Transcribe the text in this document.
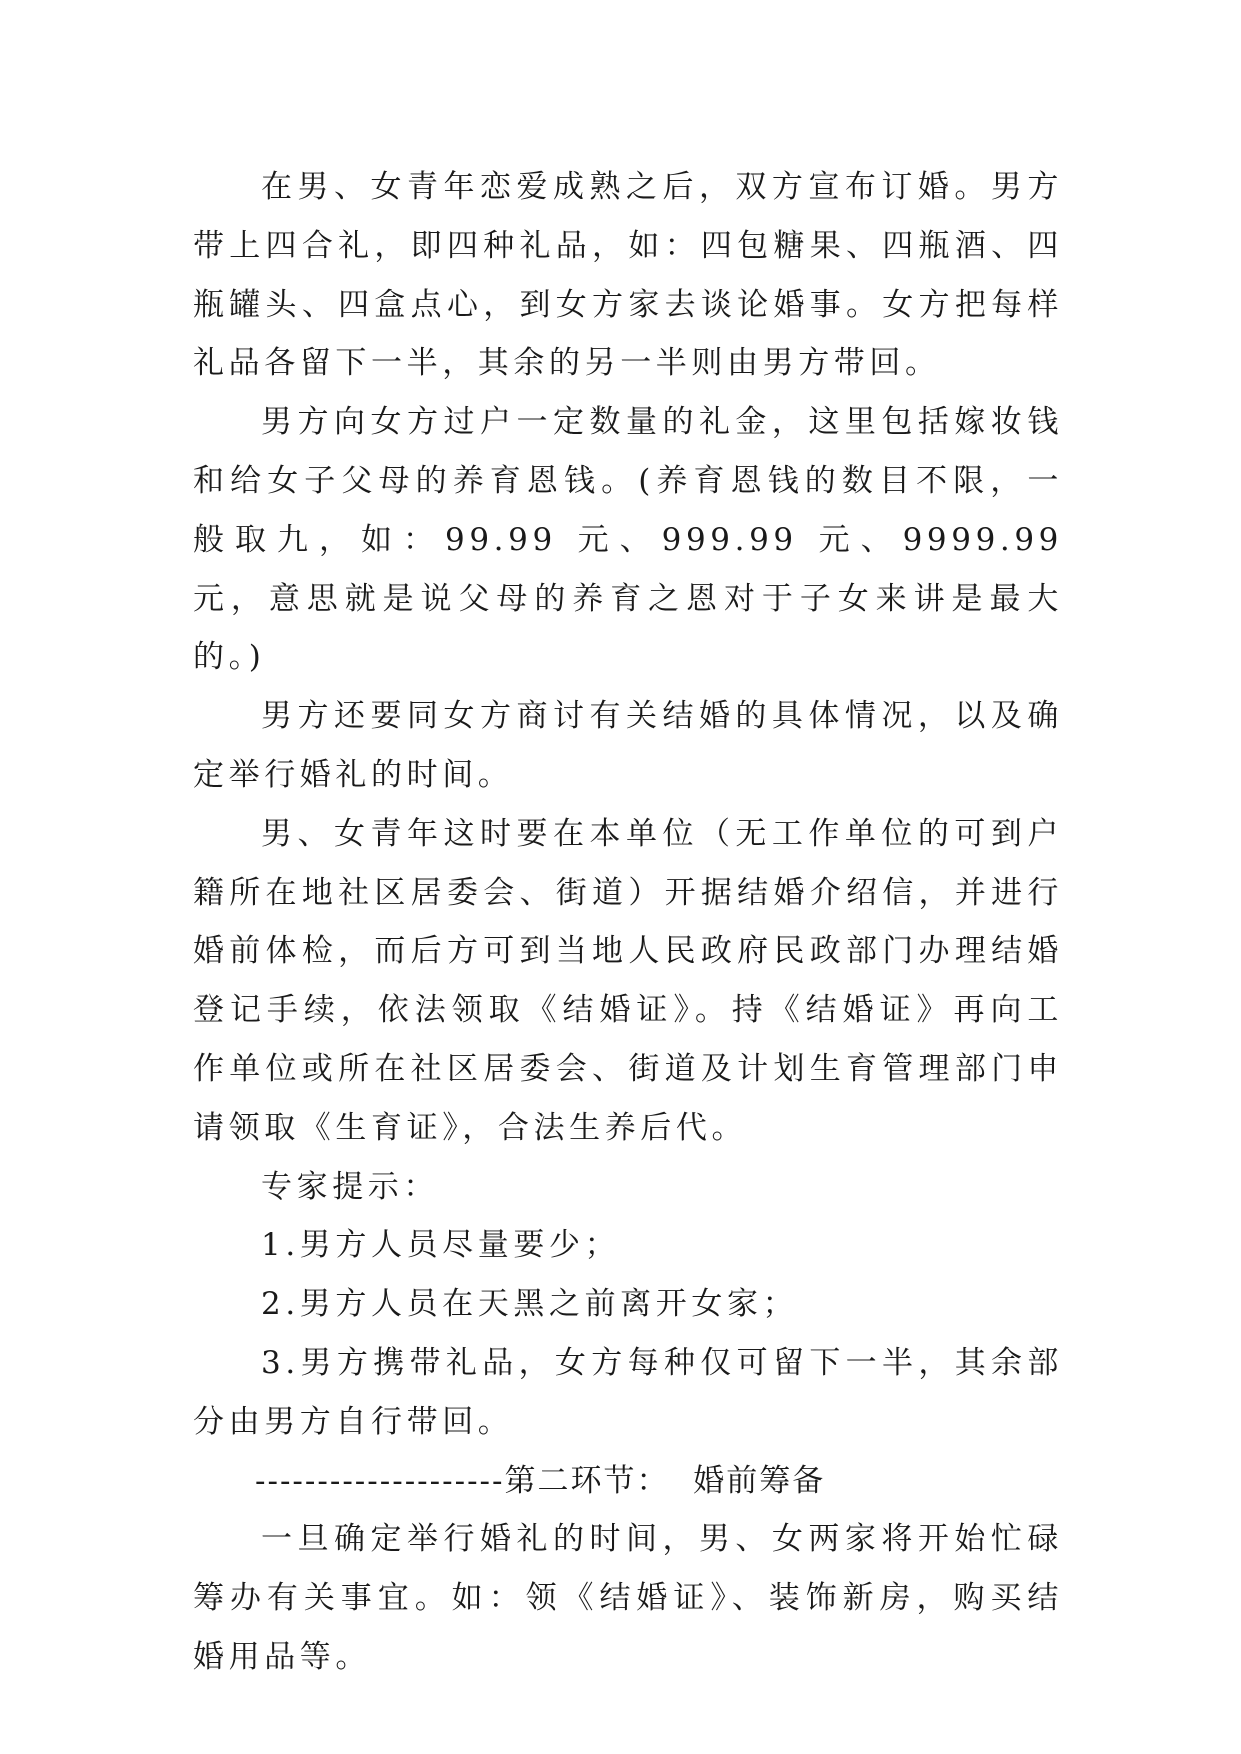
在男、女青年恋爱成熟之后，双方宣布订婚。男方带上四合礼，即四种礼品，如：四包糖果、四瓶酒、四瓶罐头、四盒点心，到女方家去谈论婚事。女方把每样礼品各留下一半，其余的另一半则由男方带回。

男方向女方过户一定数量的礼金，这里包括嫁妆钱和给女子父母的养育恩钱。(养育恩钱的数目不限，一般取九，如：99.99 元、999.99 元、9999.99 元，意思就是说父母的养育之恩对于子女来讲是最大的。)

男方还要同女方商讨有关结婚的具体情况，以及确定举行婚礼的时间。

男、女青年这时要在本单位（无工作单位的可到户籍所在地社区居委会、街道）开据结婚介绍信，并进行婚前体检，而后方可到当地人民政府民政部门办理结婚登记手续，依法领取《结婚证》。持《结婚证》再向工作单位或所在社区居委会、街道及计划生育管理部门申请领取《生育证》，合法生养后代。

专家提示：

1.男方人员尽量要少；

2.男方人员在天黑之前离开女家；

3.男方携带礼品，女方每种仅可留下一半，其余部分由男方自行带回。

--------------------第二环节：  婚前筹备

一旦确定举行婚礼的时间，男、女两家将开始忙碌筹办有关事宜。如：领《结婚证》、装饰新房，购买结婚用品等。
